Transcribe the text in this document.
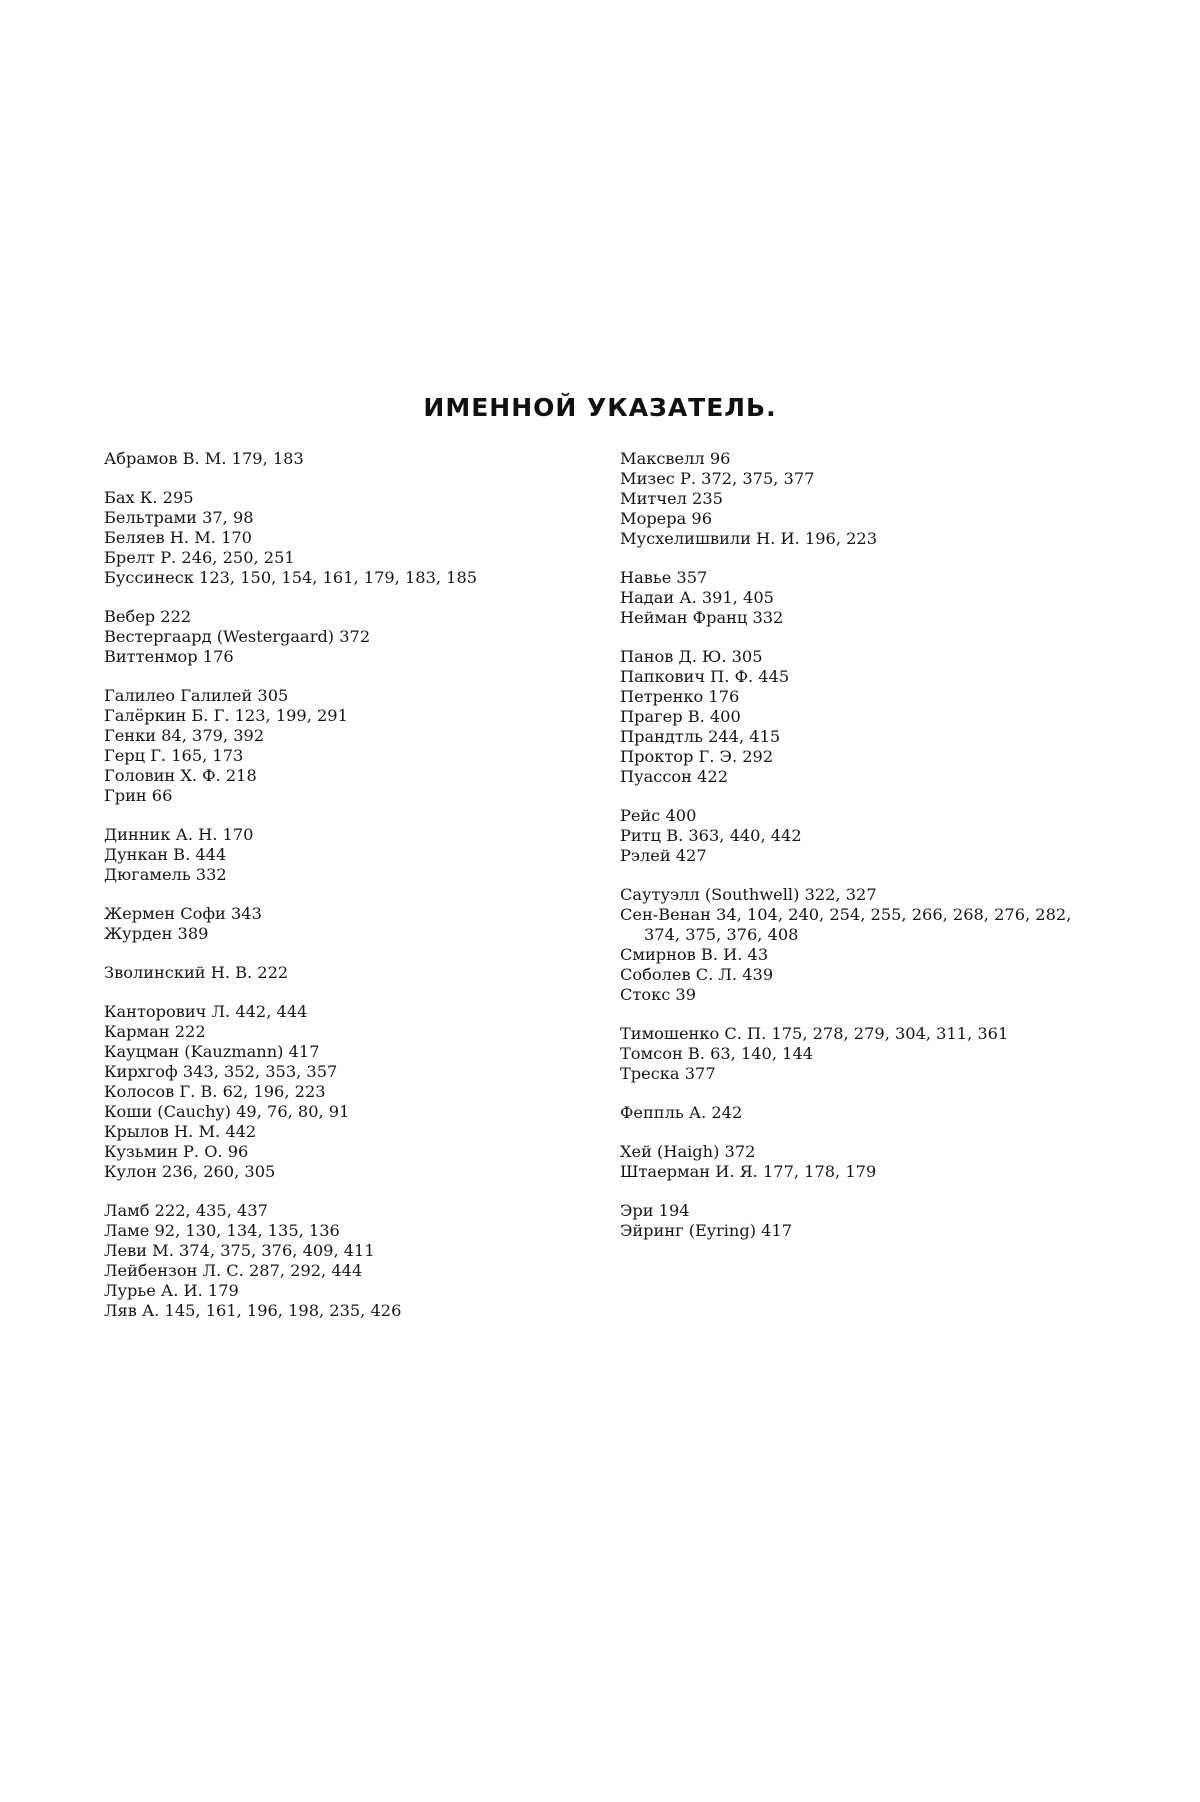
ИМЕННОЙ УКАЗАТЕЛЬ.
Абрамов В. М. 179, 183
Бах К. 295
Бельтрами 37, 98
Беляев Н. М. 170
Брелт Р. 246, 250, 251
Буссинеск 123, 150, 154, 161, 179, 183, 185
Вебер 222
Вестергаард (Westergaard) 372
Виттенмор 176
Галилео Галилей 305
Галёркин Б. Г. 123, 199, 291
Генки 84, 379, 392
Герц Г. 165, 173
Головин Х. Ф. 218
Грин 66
Динник А. Н. 170
Дункан В. 444
Дюгамель 332
Жермен Софи 343
Журден 389
Зволинский Н. В. 222
Канторович Л. 442, 444
Карман 222
Кауцман (Kauzmann) 417
Кирхгоф 343, 352, 353, 357
Колосов Г. В. 62, 196, 223
Коши (Cauchy) 49, 76, 80, 91
Крылов Н. М. 442
Кузьмин Р. О. 96
Кулон 236, 260, 305
Ламб 222, 435, 437
Ламе 92, 130, 134, 135, 136
Леви М. 374, 375, 376, 409, 411
Лейбензон Л. С. 287, 292, 444
Лурье А. И. 179
Ляв А. 145, 161, 196, 198, 235, 426
Максвелл 96
Мизес Р. 372, 375, 377
Митчел 235
Морера 96
Мусхелишвили Н. И. 196, 223
Навье 357
Надаи А. 391, 405
Нейман Франц 332
Панов Д. Ю. 305
Папкович П. Ф. 445
Петренко 176
Прагер В. 400
Прандтль 244, 415
Проктор Г. Э. 292
Пуассон 422
Рейс 400
Ритц В. 363, 440, 442
Рэлей 427
Саутуэлл (Southwell) 322, 327
Сен-Венан 34, 104, 240, 254, 255, 266, 268, 276, 282, 374, 375, 376, 408
Смирнов В. И. 43
Соболев С. Л. 439
Стокс 39
Тимошенко С. П. 175, 278, 279, 304, 311, 361
Томсон В. 63, 140, 144
Треска 377
Феппль А. 242
Хей (Haigh) 372
Штаерман И. Я. 177, 178, 179
Эри 194
Эйринг (Eyring) 417
